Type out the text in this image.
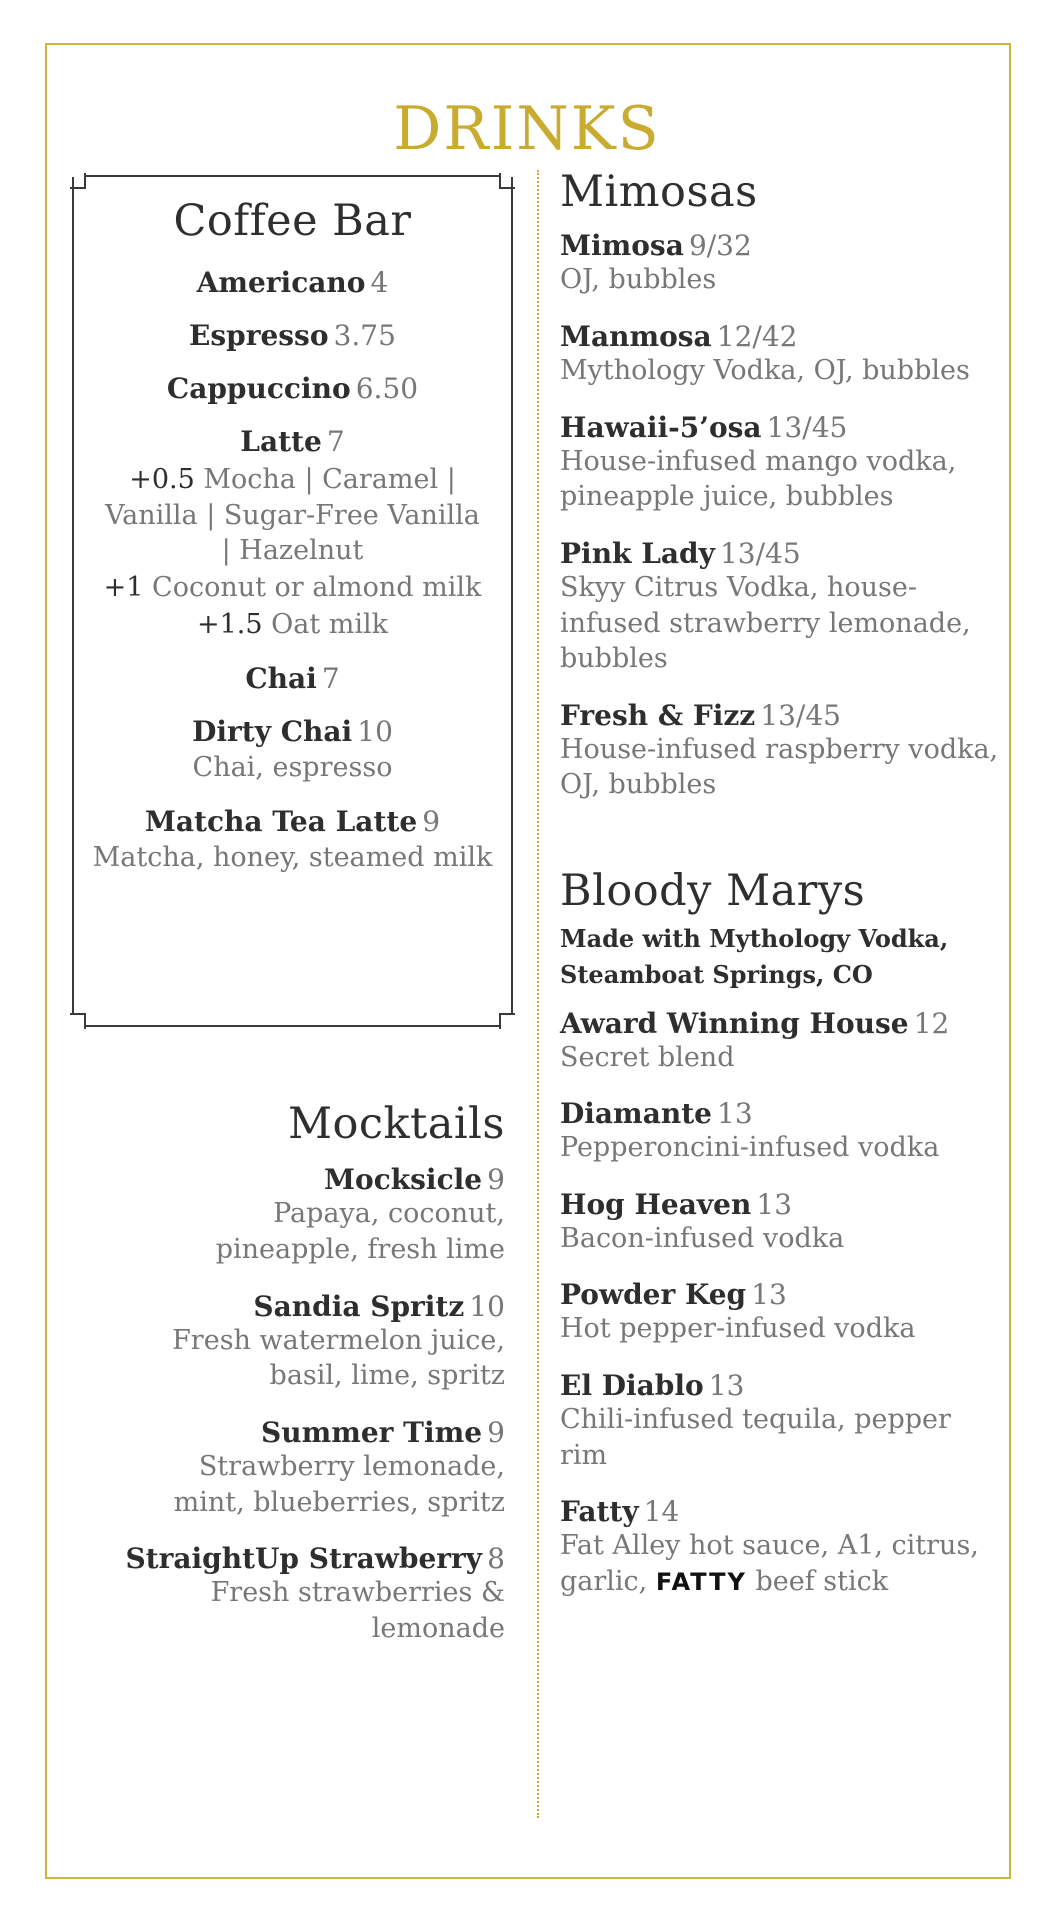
DRINKS
Coffee Bar
Americano 4
Espresso 3.75
Cappuccino 6.50
Latte 7
+0.5 Mocha | Caramel | Vanilla | Sugar-Free Vanilla | Hazelnut
+1 Coconut or almond milk
+1.5 Oat milk
Chai 7
Dirty Chai 10
Chai, espresso
Matcha Tea Latte 9
Matcha, honey, steamed milk
Mocktails
Mocksicle 9
Papaya, coconut, pineapple, fresh lime
Sandia Spritz 10
Fresh watermelon juice, basil, lime, spritz
Summer Time 9
Strawberry lemonade, mint, blueberries, spritz
StraightUp Strawberry 8
Fresh strawberries & lemonade
Mimosas
Mimosa 9/32
OJ, bubbles
Manmosa 12/42
Mythology Vodka, OJ, bubbles
Hawaii-5’osa 13/45
House-infused mango vodka, pineapple juice, bubbles
Pink Lady 13/45
Skyy Citrus Vodka, house-infused strawberry lemonade, bubbles
Fresh & Fizz 13/45
House-infused raspberry vodka, OJ, bubbles
Bloody Marys
Made with Mythology Vodka,
Steamboat Springs, CO
Award Winning House 12
Secret blend
Diamante 13
Pepperoncini-infused vodka
Hog Heaven 13
Bacon-infused vodka
Powder Keg 13
Hot pepper-infused vodka
El Diablo 13
Chili-infused tequila, pepper rim
Fatty 14
Fat Alley hot sauce, A1, citrus,
garlic, FATTY beef stick
